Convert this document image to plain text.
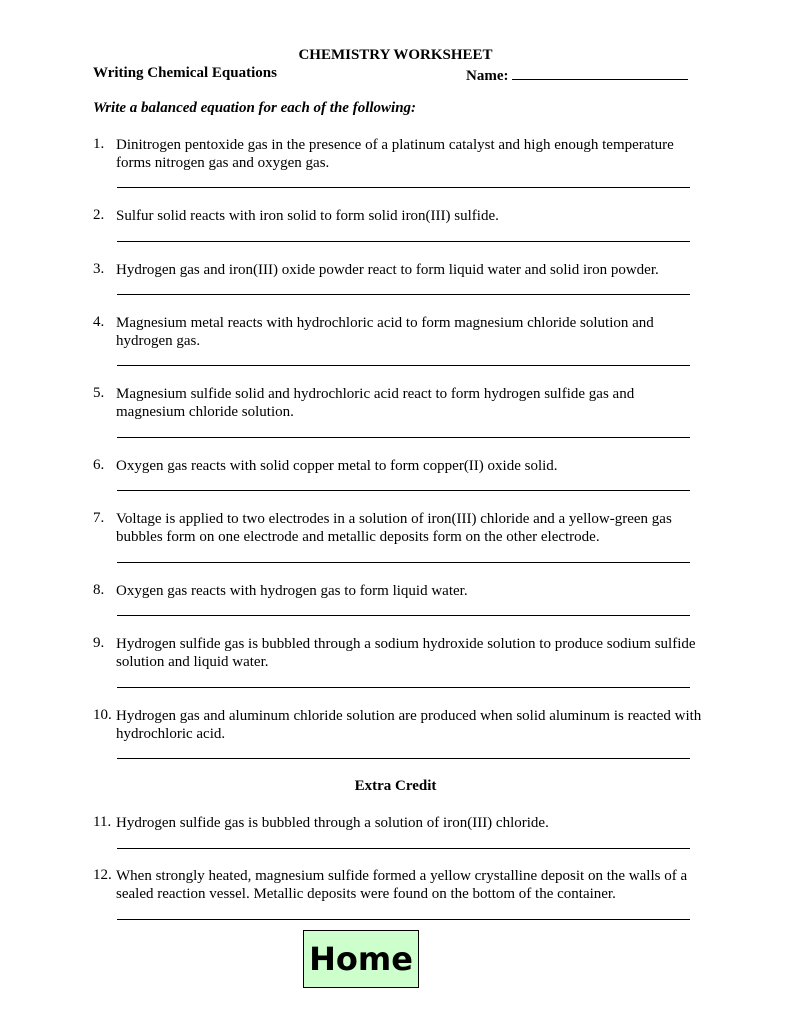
CHEMISTRY WORKSHEET
Writing Chemical Equations	Name:
Write a balanced equation for each of the following:
1. Dinitrogen pentoxide gas in the presence of a platinum catalyst and high enough temperature forms nitrogen gas and oxygen gas.
2. Sulfur solid reacts with iron solid to form solid iron(III) sulfide.
3. Hydrogen gas and iron(III) oxide powder react to form liquid water and solid iron powder.
4. Magnesium metal reacts with hydrochloric acid to form magnesium chloride solution and hydrogen gas.
5. Magnesium sulfide solid and hydrochloric acid react to form hydrogen sulfide gas and magnesium chloride solution.
6. Oxygen gas reacts with solid copper metal to form copper(II) oxide solid.
7. Voltage is applied to two electrodes in a solution of iron(III) chloride and a yellow-green gas bubbles form on one electrode and metallic deposits form on the other electrode.
8. Oxygen gas reacts with hydrogen gas to form liquid water.
9. Hydrogen sulfide gas is bubbled through a sodium hydroxide solution to produce sodium sulfide solution and liquid water.
10. Hydrogen gas and aluminum chloride solution are produced when solid aluminum is reacted with hydrochloric acid.
Extra Credit
11. Hydrogen sulfide gas is bubbled through a solution of iron(III) chloride.
12. When strongly heated, magnesium sulfide formed a yellow crystalline deposit on the walls of a sealed reaction vessel. Metallic deposits were found on the bottom of the container.
Home
